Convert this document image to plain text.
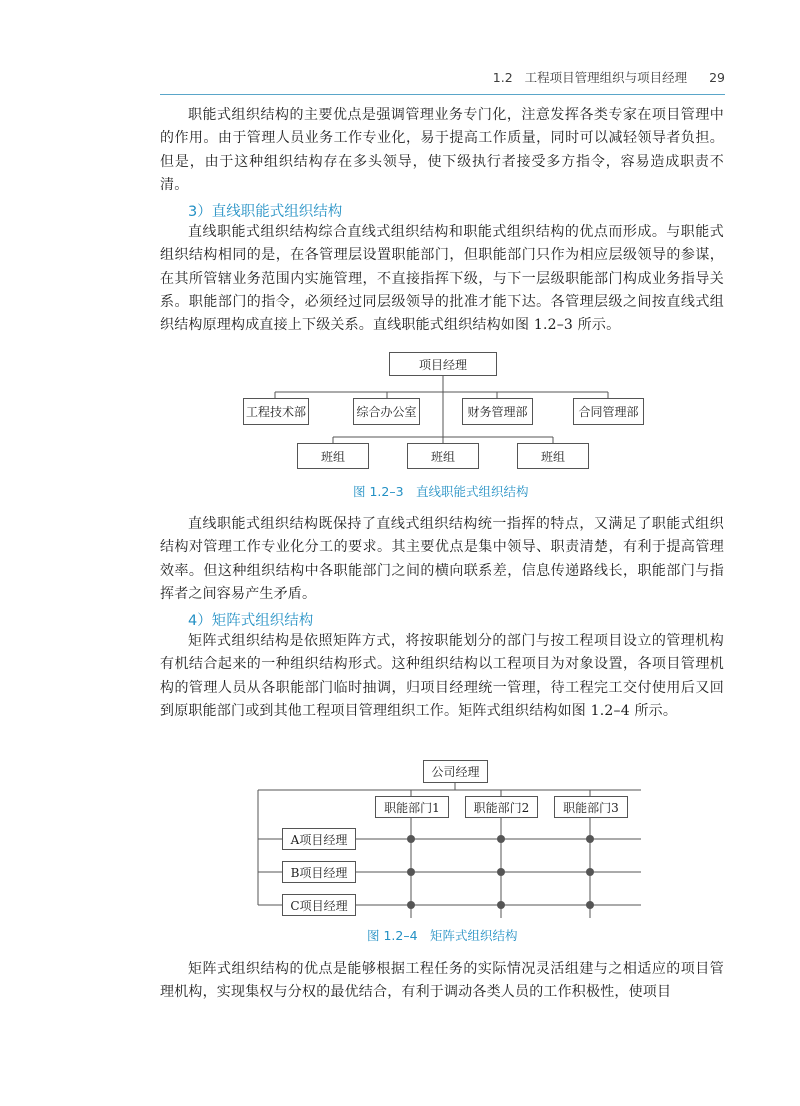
1.2 工程项目管理组织与项目经理 29

职能式组织结构的主要优点是强调管理业务专门化，注意发挥各类专家在项目管理中的作用。由于管理人员业务工作专业化，易于提高工作质量，同时可以减轻领导者负担。但是，由于这种组织结构存在多头领导，使下级执行者接受多方指令，容易造成职责不清。

3）直线职能式组织结构

直线职能式组织结构综合直线式组织结构和职能式组织结构的优点而形成。与职能式组织结构相同的是，在各管理层设置职能部门，但职能部门只作为相应层级领导的参谋，在其所管辖业务范围内实施管理，不直接指挥下级，与下一层级职能部门构成业务指导关系。职能部门的指令，必须经过同层级领导的批准才能下达。各管理层级之间按直线式组织结构原理构成直接上下级关系。直线职能式组织结构如图 1.2–3 所示。

项目经理
工程技术部	综合办公室	财务管理部	合同管理部
班组	班组	班组
图 1.2–3　直线职能式组织结构

直线职能式组织结构既保持了直线式组织结构统一指挥的特点，又满足了职能式组织结构对管理工作专业化分工的要求。其主要优点是集中领导、职责清楚，有利于提高管理效率。但这种组织结构中各职能部门之间的横向联系差，信息传递路线长，职能部门与指挥者之间容易产生矛盾。

4）矩阵式组织结构

矩阵式组织结构是依照矩阵方式，将按职能划分的部门与按工程项目设立的管理机构有机结合起来的一种组织结构形式。这种组织结构以工程项目为对象设置，各项目管理机构的管理人员从各职能部门临时抽调，归项目经理统一管理，待工程完工交付使用后又回到原职能部门或到其他工程项目管理组织工作。矩阵式组织结构如图 1.2–4 所示。

公司经理
职能部门1	职能部门2	职能部门3
A项目经理
B项目经理
C项目经理
图 1.2–4　矩阵式组织结构

矩阵式组织结构的优点是能够根据工程任务的实际情况灵活组建与之相适应的项目管理机构，实现集权与分权的最优结合，有利于调动各类人员的工作积极性，使项目
